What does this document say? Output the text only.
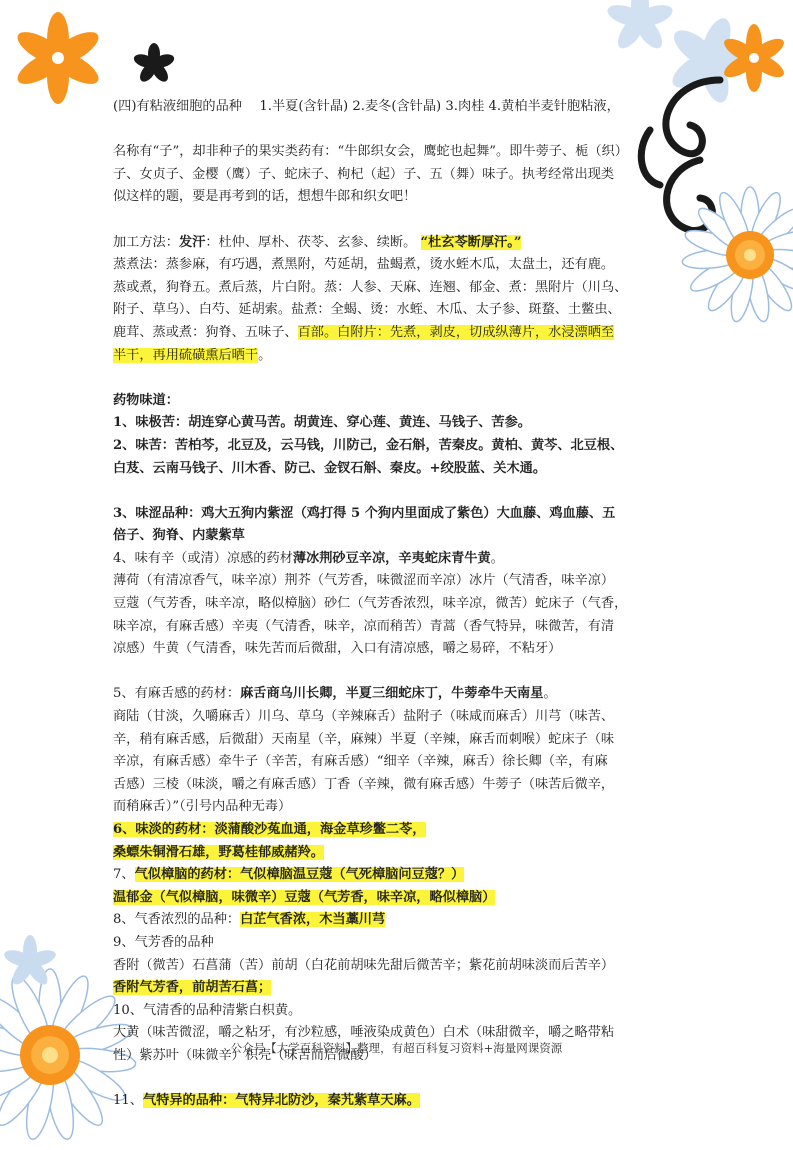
(四)有粘液细胞的品种　 1.半夏(含针晶) 2.麦冬(含针晶) 3.肉桂 4.黄柏半麦针胞粘液，
名称有“子”，却非种子的果实类药有：“牛郎织女会，鹰蛇也起舞”。即牛蒡子、栀（织）
子、女贞子、金樱（鹰）子、蛇床子、枸杞（起）子、五（舞）味子。执考经常出现类
似这样的题，要是再考到的话，想想牛郎和织女吧！
加工方法：发汗：杜仲、厚朴、茯苓、玄参、续断。 “杜玄苓断厚汗。”
蒸煮法：蒸参麻，有巧遇，煮黑附，芍延胡，盐蝎煮，烫水蛭木瓜，太盘土，还有鹿。
蒸或煮，狗脊五。煮后蒸，片白附。蒸：人参、天麻、连翘、郁金、煮：黑附片（川乌、
附子、草乌）、白芍、延胡索。盐煮：全蝎、烫：水蛭、木瓜、太子参、斑蝥、土鳖虫、
鹿茸、蒸或煮：狗脊、五味子、百部。白附片：先煮，剥皮，切成纵薄片，水浸漂晒至
半干，再用硫磺熏后晒干。
药物味道：
1、味极苦：胡连穿心黄马苦。胡黄连、穿心莲、黄连、马钱子、苦参。
2、味苦：苦柏芩，北豆及，云马钱，川防己，金石斛，苦秦皮。黄柏、黄芩、北豆根、
白芨、云南马钱子、川木香、防己、金钗石斛、秦皮。+绞股蓝、关木通。
3、味涩品种：鸡大五狗内紫涩（鸡打得 5 个狗内里面成了紫色）大血藤、鸡血藤、五
倍子、狗脊、内蒙紫草
4、味有辛（或清）凉感的药材薄冰荆砂豆辛凉，辛夷蛇床青牛黄。
薄荷（有清凉香气，味辛凉）荆芥（气芳香，味微涩而辛凉）冰片（气清香，味辛凉）
豆蔻（气芳香，味辛凉，略似樟脑）砂仁（气芳香浓烈，味辛凉，微苦）蛇床子（气香，
味辛凉，有麻舌感）辛夷（气清香，味辛，凉而稍苦）青蒿（香气特异，味微苦，有清
凉感）牛黄（气清香，味先苦而后微甜，入口有清凉感，嚼之易碎，不粘牙）
5、有麻舌感的药材：麻舌商乌川长卿，半夏三细蛇床丁，牛蒡牵牛天南星。
商陆（甘淡，久嚼麻舌）川乌、草乌（辛辣麻舌）盐附子（味咸而麻舌）川芎（味苦、
辛，稍有麻舌感，后微甜）天南星（辛，麻辣）半夏（辛辣，麻舌而刺喉）蛇床子（味
辛凉，有麻舌感）牵牛子（辛苦，有麻舌感）“细辛（辛辣，麻舌）徐长卿（辛，有麻
舌感）三棱（味淡，嚼之有麻舌感）丁香（辛辣，微有麻舌感）牛蒡子（味苦后微辛，
而稍麻舌）”（引号内品种无毒）
6、味淡的药材：淡蒲酸沙菟血通，海金草珍鳖二苓，
桑螵朱铜滑石雄，野葛桂郁威赭羚。
7、气似樟脑的药材：气似樟脑温豆蔻（气死樟脑问豆蔻？）
温郁金（气似樟脑，味微辛）豆蔻（气芳香，味辛凉，略似樟脑）
8、气香浓烈的品种：白芷气香浓，木当藁川芎
9、气芳香的品种
香附（微苦）石菖蒲（苦）前胡（白花前胡味先甜后微苦辛；紫花前胡味淡而后苦辛）
香附气芳香，前胡苦石菖；
10、气清香的品种清紫白枳黄。
大黄（味苦微涩，嚼之粘牙，有沙粒感，唾液染成黄色）白术（味甜微辛，嚼之略带粘
性）紫苏叶（味微辛）枳壳（味苦而后微酸）
11、气特异的品种：气特异北防沙，秦艽紫草天麻。
公众号【大学百科资料】整理，有超百科复习资料+海量网课资源
